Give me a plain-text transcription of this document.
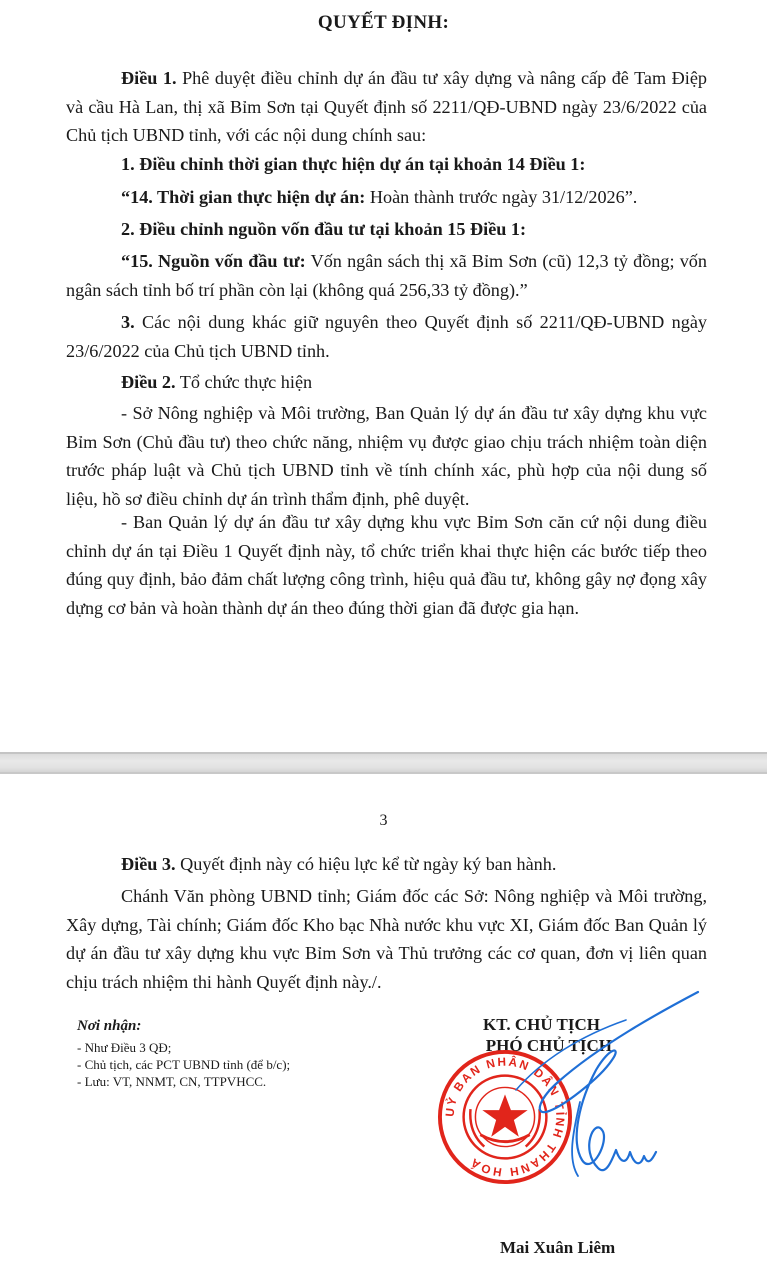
QUYẾT ĐỊNH:

Điều 1. Phê duyệt điều chỉnh dự án đầu tư xây dựng và nâng cấp đê Tam Điệp và cầu Hà Lan, thị xã Bỉm Sơn tại Quyết định số 2211/QĐ-UBND ngày 23/6/2022 của Chủ tịch UBND tỉnh, với các nội dung chính sau:

1. Điều chỉnh thời gian thực hiện dự án tại khoản 14 Điều 1:

“14. Thời gian thực hiện dự án: Hoàn thành trước ngày 31/12/2026”.

2. Điều chỉnh nguồn vốn đầu tư tại khoản 15 Điều 1:

“15. Nguồn vốn đầu tư: Vốn ngân sách thị xã Bỉm Sơn (cũ) 12,3 tỷ đồng; vốn ngân sách tỉnh bố trí phần còn lại (không quá 256,33 tỷ đồng).”

3. Các nội dung khác giữ nguyên theo Quyết định số 2211/QĐ-UBND ngày 23/6/2022 của Chủ tịch UBND tỉnh.

Điều 2. Tổ chức thực hiện

- Sở Nông nghiệp và Môi trường, Ban Quản lý dự án đầu tư xây dựng khu vực Bỉm Sơn (Chủ đầu tư) theo chức năng, nhiệm vụ được giao chịu trách nhiệm toàn diện trước pháp luật và Chủ tịch UBND tỉnh về tính chính xác, phù hợp của nội dung số liệu, hồ sơ điều chỉnh dự án trình thẩm định, phê duyệt.

- Ban Quản lý dự án đầu tư xây dựng khu vực Bỉm Sơn căn cứ nội dung điều chỉnh dự án tại Điều 1 Quyết định này, tổ chức triển khai thực hiện các bước tiếp theo đúng quy định, bảo đảm chất lượng công trình, hiệu quả đầu tư, không gây nợ đọng xây dựng cơ bản và hoàn thành dự án theo đúng thời gian đã được gia hạn.

3

Điều 3. Quyết định này có hiệu lực kể từ ngày ký ban hành.

Chánh Văn phòng UBND tỉnh; Giám đốc các Sở: Nông nghiệp và Môi trường, Xây dựng, Tài chính; Giám đốc Kho bạc Nhà nước khu vực XI, Giám đốc Ban Quản lý dự án đầu tư xây dựng khu vực Bỉm Sơn và Thủ trưởng các cơ quan, đơn vị liên quan chịu trách nhiệm thi hành Quyết định này./.

Nơi nhận:
- Như Điều 3 QĐ;
- Chủ tịch, các PCT UBND tỉnh (để b/c);
- Lưu: VT, NNMT, CN, TTPVHCC.
KT. CHỦ TỊCH
PHÓ CHỦ TỊCH
UỶ BAN NHÂN DÂN TỈNH THANH HOÁ
Mai Xuân Liêm
